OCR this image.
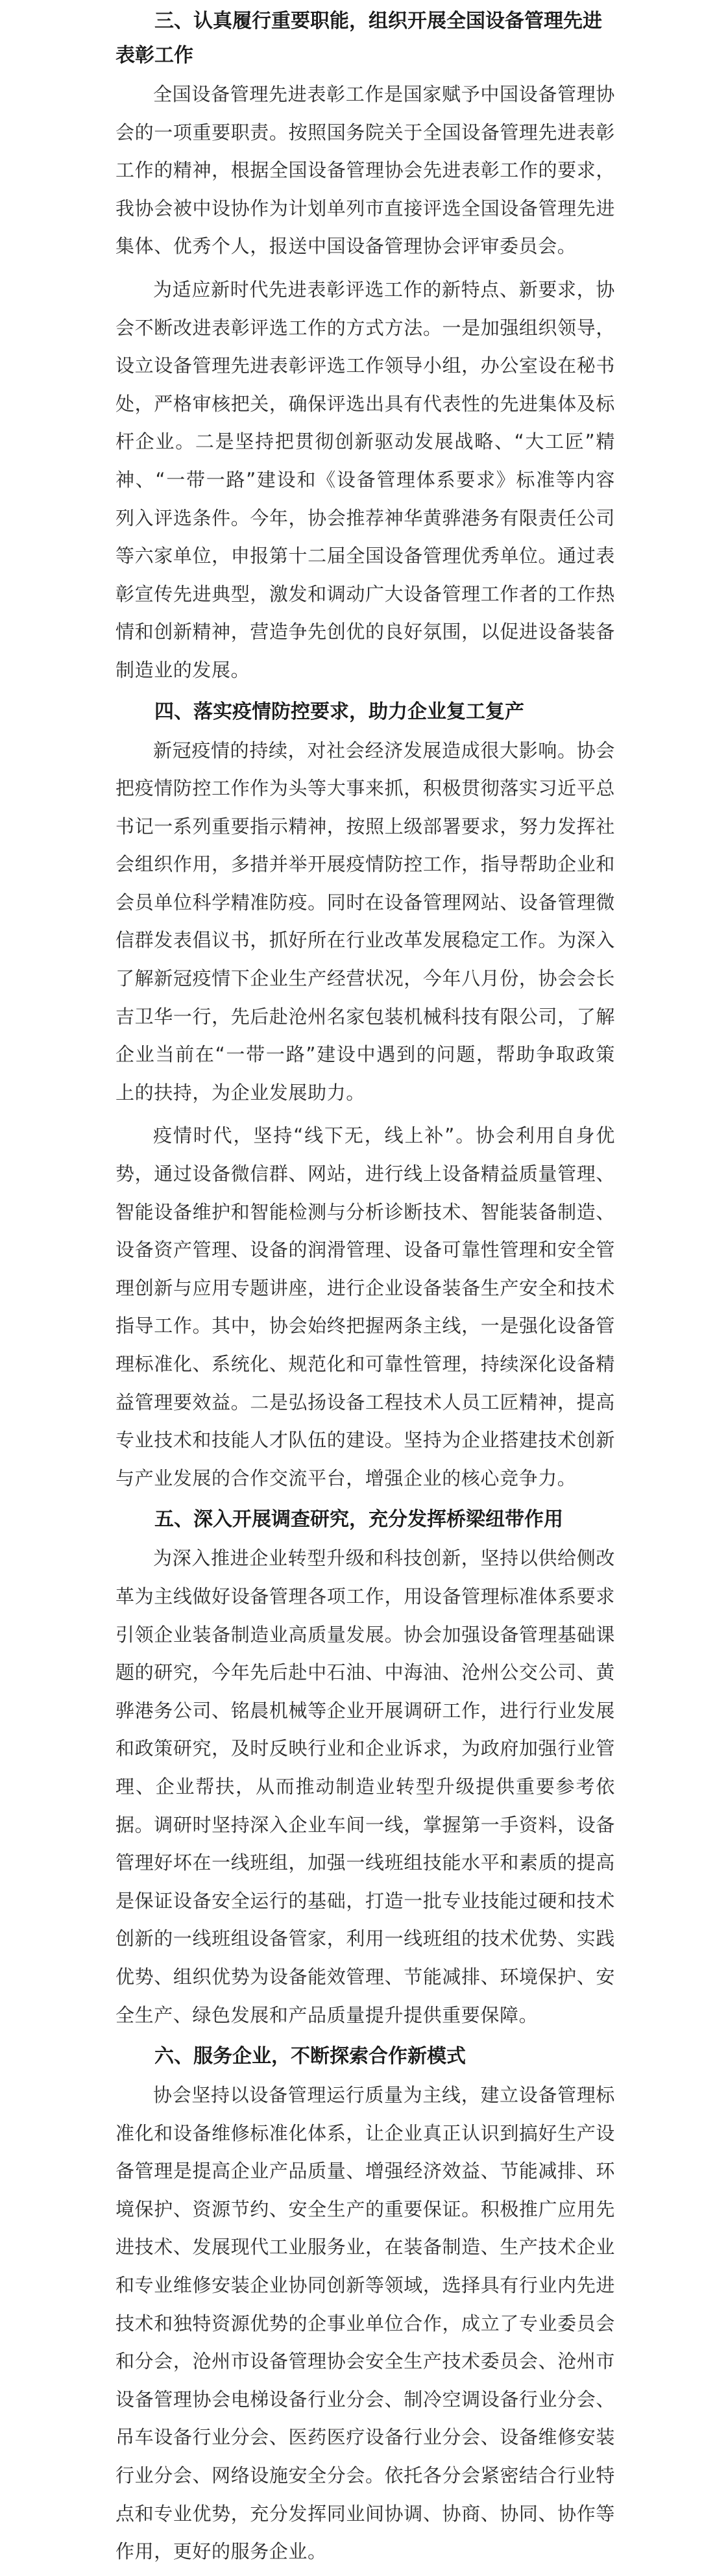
三、认真履行重要职能，组织开展全国设备管理先进表彰工作

全国设备管理先进表彰工作是国家赋予中国设备管理协会的一项重要职责。按照国务院关于全国设备管理先进表彰工作的精神，根据全国设备管理协会先进表彰工作的要求，我协会被中设协作为计划单列市直接评选全国设备管理先进集体、优秀个人，报送中国设备管理协会评审委员会。

为适应新时代先进表彰评选工作的新特点、新要求，协会不断改进表彰评选工作的方式方法。一是加强组织领导，设立设备管理先进表彰评选工作领导小组，办公室设在秘书处，严格审核把关，确保评选出具有代表性的先进集体及标杆企业。二是坚持把贯彻创新驱动发展战略、“大工匠”精神、“一带一路”建设和《设备管理体系要求》标准等内容列入评选条件。今年，协会推荐神华黄骅港务有限责任公司等六家单位，申报第十二届全国设备管理优秀单位。通过表彰宣传先进典型，激发和调动广大设备管理工作者的工作热情和创新精神，营造争先创优的良好氛围，以促进设备装备制造业的发展。

四、落实疫情防控要求，助力企业复工复产

新冠疫情的持续，对社会经济发展造成很大影响。协会把疫情防控工作作为头等大事来抓，积极贯彻落实习近平总书记一系列重要指示精神，按照上级部署要求，努力发挥社会组织作用，多措并举开展疫情防控工作，指导帮助企业和会员单位科学精准防疫。同时在设备管理网站、设备管理微信群发表倡议书，抓好所在行业改革发展稳定工作。为深入了解新冠疫情下企业生产经营状况，今年八月份，协会会长吉卫华一行，先后赴沧州名家包装机械科技有限公司，了解企业当前在“一带一路”建设中遇到的问题，帮助争取政策上的扶持，为企业发展助力。

疫情时代，坚持“线下无，线上补”。协会利用自身优势，通过设备微信群、网站，进行线上设备精益质量管理、智能设备维护和智能检测与分析诊断技术、智能装备制造、设备资产管理、设备的润滑管理、设备可靠性管理和安全管理创新与应用专题讲座，进行企业设备装备生产安全和技术指导工作。其中，协会始终把握两条主线，一是强化设备管理标准化、系统化、规范化和可靠性管理，持续深化设备精益管理要效益。二是弘扬设备工程技术人员工匠精神，提高专业技术和技能人才队伍的建设。坚持为企业搭建技术创新与产业发展的合作交流平台，增强企业的核心竞争力。

五、深入开展调查研究，充分发挥桥梁纽带作用

为深入推进企业转型升级和科技创新，坚持以供给侧改革为主线做好设备管理各项工作，用设备管理标准体系要求引领企业装备制造业高质量发展。协会加强设备管理基础课题的研究，今年先后赴中石油、中海油、沧州公交公司、黄骅港务公司、铭晨机械等企业开展调研工作，进行行业发展和政策研究，及时反映行业和企业诉求，为政府加强行业管理、企业帮扶，从而推动制造业转型升级提供重要参考依据。调研时坚持深入企业车间一线，掌握第一手资料，设备管理好坏在一线班组，加强一线班组技能水平和素质的提高是保证设备安全运行的基础，打造一批专业技能过硬和技术创新的一线班组设备管家，利用一线班组的技术优势、实践优势、组织优势为设备能效管理、节能减排、环境保护、安全生产、绿色发展和产品质量提升提供重要保障。

六、服务企业，不断探索合作新模式

协会坚持以设备管理运行质量为主线，建立设备管理标准化和设备维修标准化体系，让企业真正认识到搞好生产设备管理是提高企业产品质量、增强经济效益、节能减排、环境保护、资源节约、安全生产的重要保证。积极推广应用先进技术、发展现代工业服务业，在装备制造、生产技术企业和专业维修安装企业协同创新等领域，选择具有行业内先进技术和独特资源优势的企事业单位合作，成立了专业委员会和分会，沧州市设备管理协会安全生产技术委员会、沧州市设备管理协会电梯设备行业分会、制冷空调设备行业分会、吊车设备行业分会、医药医疗设备行业分会、设备维修安装行业分会、网络设施安全分会。依托各分会紧密结合行业特点和专业优势，充分发挥同业间协调、协商、协同、协作等作用，更好的服务企业。
